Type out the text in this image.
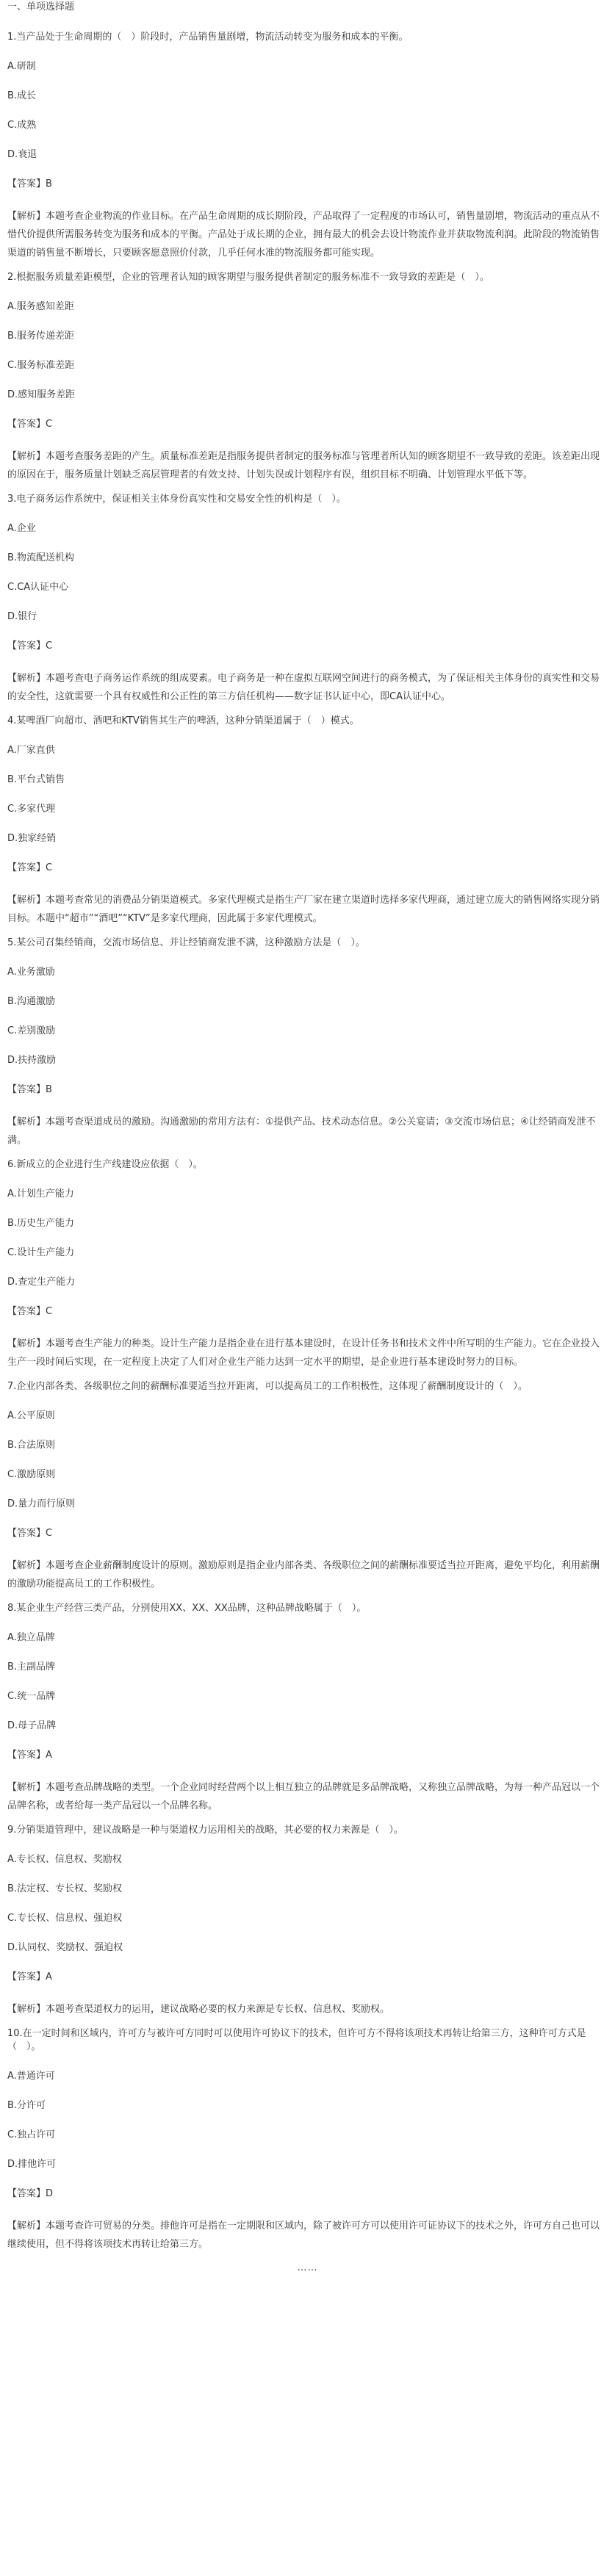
一、单项选择题

1.当产品处于生命周期的（　）阶段时，产品销售量剧增，物流活动转变为服务和成本的平衡。

A.研制

B.成长

C.成熟

D.衰退

【答案】B

【解析】本题考查企业物流的作业目标。在产品生命周期的成长期阶段，产品取得了一定程度的市场认可，销售量剧增，物流活动的重点从不惜代价提供所需服务转变为服务和成本的平衡。产品处于成长期的企业，拥有最大的机会去设计物流作业并获取物流利润。此阶段的物流销售渠道的销售量不断增长，只要顾客愿意照价付款，几乎任何水准的物流服务都可能实现。

2.根据服务质量差距模型，企业的管理者认知的顾客期望与服务提供者制定的服务标准不一致导致的差距是（　）。

A.服务感知差距

B.服务传递差距

C.服务标准差距

D.感知服务差距

【答案】C

【解析】本题考查服务差距的产生。质量标准差距是指服务提供者制定的服务标准与管理者所认知的顾客期望不一致导致的差距。该差距出现的原因在于，服务质量计划缺乏高层管理者的有效支持、计划失误或计划程序有误，组织目标不明确、计划管理水平低下等。

3.电子商务运作系统中，保证相关主体身份真实性和交易安全性的机构是（　）。

A.企业

B.物流配送机构

C.CA认证中心

D.银行

【答案】C

【解析】本题考查电子商务运作系统的组成要素。电子商务是一种在虚拟互联网空间进行的商务模式，为了保证相关主体身份的真实性和交易的安全性，这就需要一个具有权威性和公正性的第三方信任机构——数字证书认证中心，即CA认证中心。

4.某啤酒厂向超市、酒吧和KTV销售其生产的啤酒，这种分销渠道属于（　）模式。

A.厂家直供

B.平台式销售

C.多家代理

D.独家经销

【答案】C

【解析】本题考查常见的消费品分销渠道模式。多家代理模式是指生产厂家在建立渠道时选择多家代理商，通过建立庞大的销售网络实现分销目标。本题中“超市”“酒吧”“KTV”是多家代理商，因此属于多家代理模式。

5.某公司召集经销商，交流市场信息、并让经销商发泄不满，这种激励方法是（　）。

A.业务激励

B.沟通激励

C.差别激励

D.扶持激励

【答案】B

【解析】本题考查渠道成员的激励。沟通激励的常用方法有：①提供产品、技术动态信息。②公关宴请；③交流市场信息；④让经销商发泄不满。

6.新成立的企业进行生产线建设应依据（　）。

A.计划生产能力

B.历史生产能力

C.设计生产能力

D.查定生产能力

【答案】C

【解析】本题考查生产能力的种类。设计生产能力是指企业在进行基本建设时，在设计任务书和技术文件中所写明的生产能力。它在企业投入生产一段时间后实现，在一定程度上决定了人们对企业生产能力达到一定水平的期望，是企业进行基本建设时努力的目标。

7.企业内部各类、各级职位之间的薪酬标准要适当拉开距离，可以提高员工的工作积极性，这体现了薪酬制度设计的（　）。

A.公平原则

B.合法原则

C.激励原则

D.量力而行原则

【答案】C

【解析】本题考查企业薪酬制度设计的原则。激励原则是指企业内部各类、各级职位之间的薪酬标准要适当拉开距离，避免平均化，利用薪酬的激励功能提高员工的工作积极性。

8.某企业生产经营三类产品，分别使用XX、XX、XX品牌，这种品牌战略属于（　）。

A.独立品牌

B.主副品牌

C.统一品牌

D.母子品牌

【答案】A

【解析】本题考查品牌战略的类型。一个企业同时经营两个以上相互独立的品牌就是多品牌战略，又称独立品牌战略，为每一种产品冠以一个品牌名称，或者给每一类产品冠以一个品牌名称。

9.分销渠道管理中，建议战略是一种与渠道权力运用相关的战略，其必要的权力来源是（　）。

A.专长权、信息权、奖励权

B.法定权、专长权、奖励权

C.专长权、信息权、强迫权

D.认同权、奖励权、强迫权

【答案】A

【解析】本题考查渠道权力的运用，建议战略必要的权力来源是专长权、信息权、奖励权。

10.在一定时间和区域内，许可方与被许可方同时可以使用许可协议下的技术，但许可方不得将该项技术再转让给第三方，这种许可方式是（　）。

A.普通许可

B.分许可

C.独占许可

D.排他许可

【答案】D

【解析】本题考查许可贸易的分类。排他许可是指在一定期限和区域内，除了被许可方可以使用许可证协议下的技术之外，许可方自己也可以继续使用，但不得将该项技术再转让给第三方。

……
